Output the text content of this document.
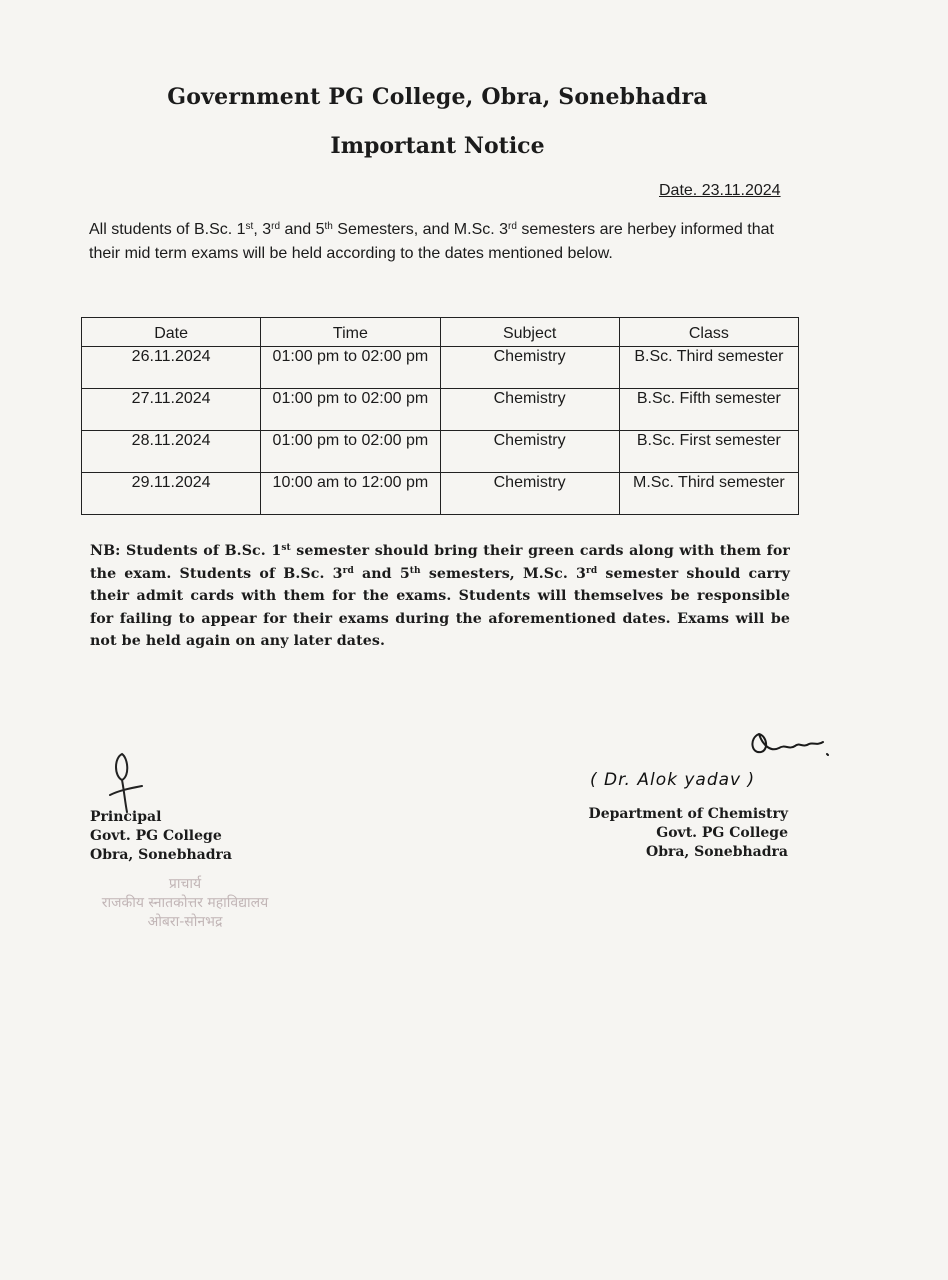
Government PG College, Obra, Sonebhadra
Important Notice
Date. 23.11.2024
All students of B.Sc. 1st, 3rd and 5th Semesters, and M.Sc. 3rd semesters are herbey informed that their mid term exams will be held according to the dates mentioned below.
Date	Time	Subject	Class
26.11.2024	01:00 pm to 02:00 pm	Chemistry	B.Sc. Third semester
27.11.2024	01:00 pm to 02:00 pm	Chemistry	B.Sc. Fifth semester
28.11.2024	01:00 pm to 02:00 pm	Chemistry	B.Sc. First semester
29.11.2024	10:00 am to 12:00 pm	Chemistry	M.Sc. Third semester
NB: Students of B.Sc. 1st semester should bring their green cards along with them for the exam. Students of B.Sc. 3rd and 5th semesters, M.Sc. 3rd semester should carry their admit cards with them for the exams. Students will themselves be responsible for failing to appear for their exams during the aforementioned dates. Exams will be not be held again on any later dates.
Principal
Govt. PG College
Obra, Sonebhadra
( Dr. Alok yadav )
Department of Chemistry
Govt. PG College
Obra, Sonebhadra
प्राचार्य
राजकीय स्नातकोत्तर महाविद्यालय
ओबरा-सोनभद्र
